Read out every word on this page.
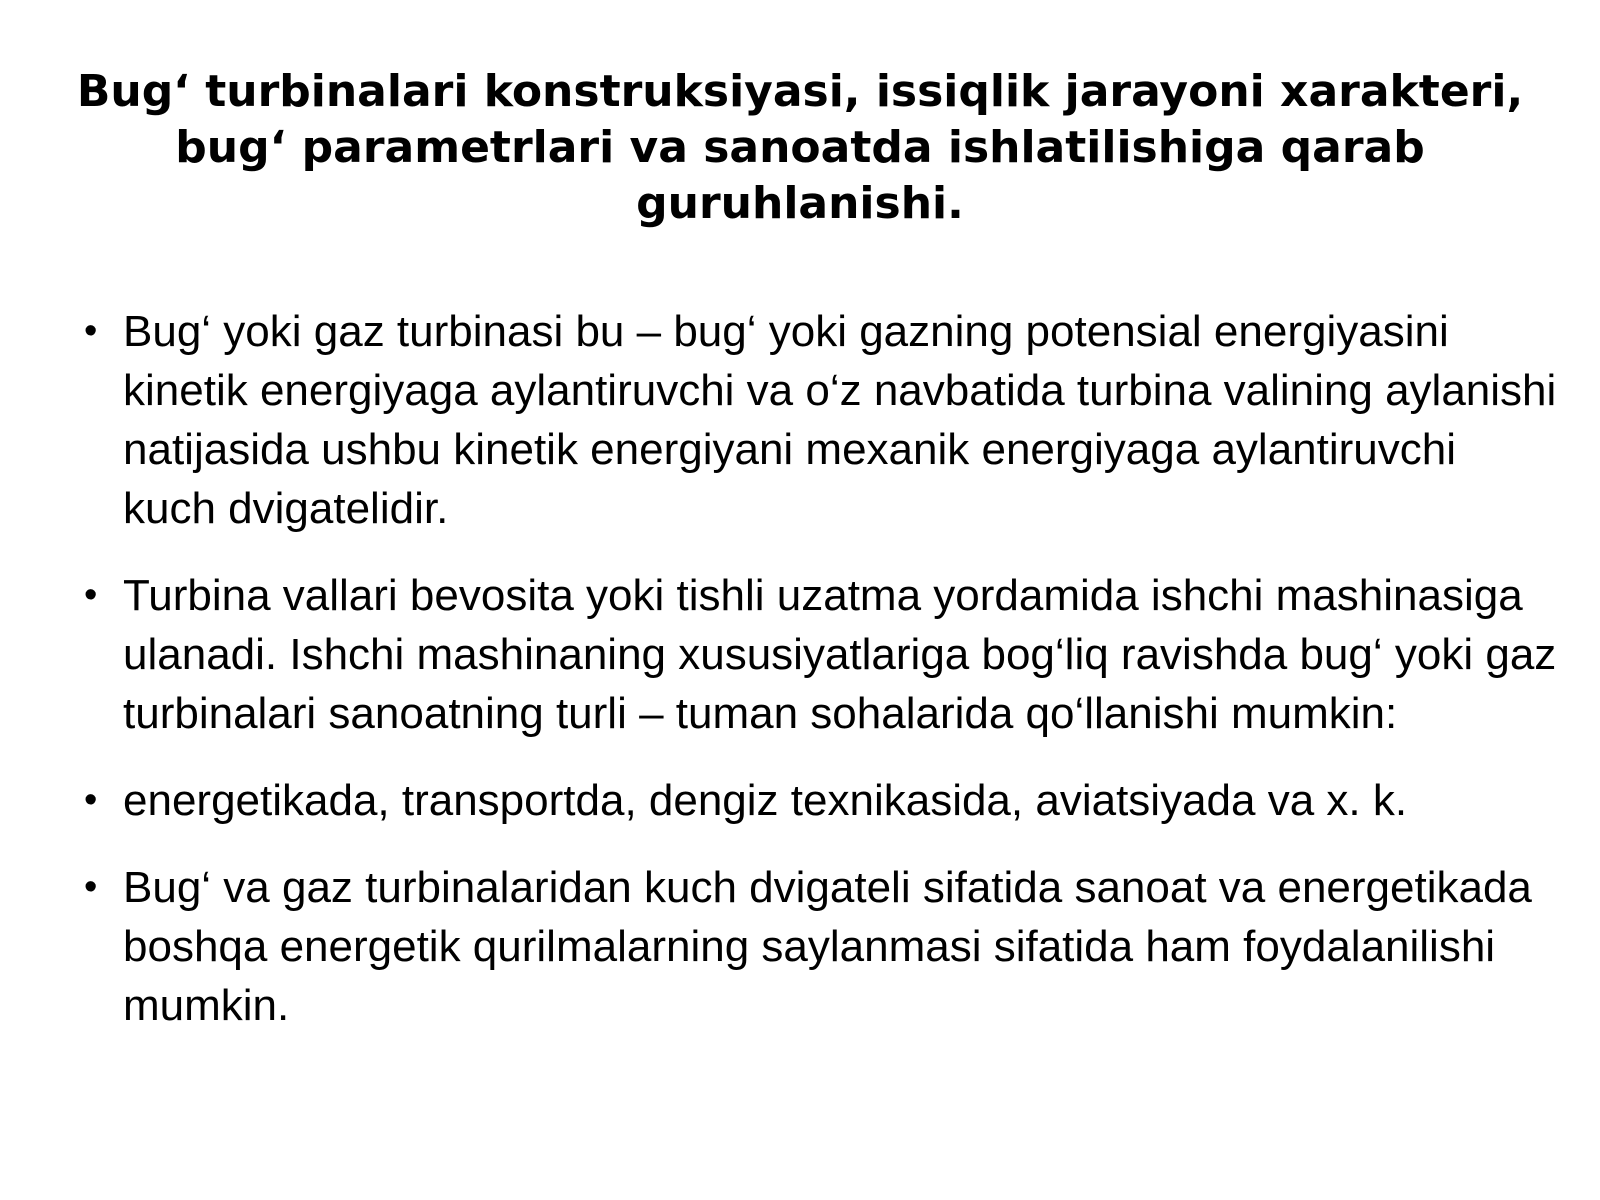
Bug‘ turbinalari konstruksiyasi, issiqlik jarayoni xarakteri, bug‘ parametrlari va sanoatda ishlatilishiga qarab guruhlanishi.
• Bug‘ yoki gaz turbinasi bu – bug‘ yoki gazning potensial energiyasini kinetik energiyaga aylantiruvchi va o‘z navbatida turbina valining aylanishi natijasida ushbu kinetik energiyani mexanik energiyaga aylantiruvchi kuch dvigatelidir.
• Turbina vallari bevosita yoki tishli uzatma yordamida ishchi mashinasiga ulanadi. Ishchi mashinaning xususiyatlariga bog‘liq ravishda bug‘ yoki gaz turbinalari sanoatning turli – tuman sohalarida qo‘llanishi mumkin:
• energetikada, transportda, dengiz texnikasida, aviatsiyada va x. k.
• Bug‘ va gaz turbinalaridan kuch dvigateli sifatida sanoat va energetikada boshqa energetik qurilmalarning saylanmasi sifatida ham foydalanilishi mumkin.
